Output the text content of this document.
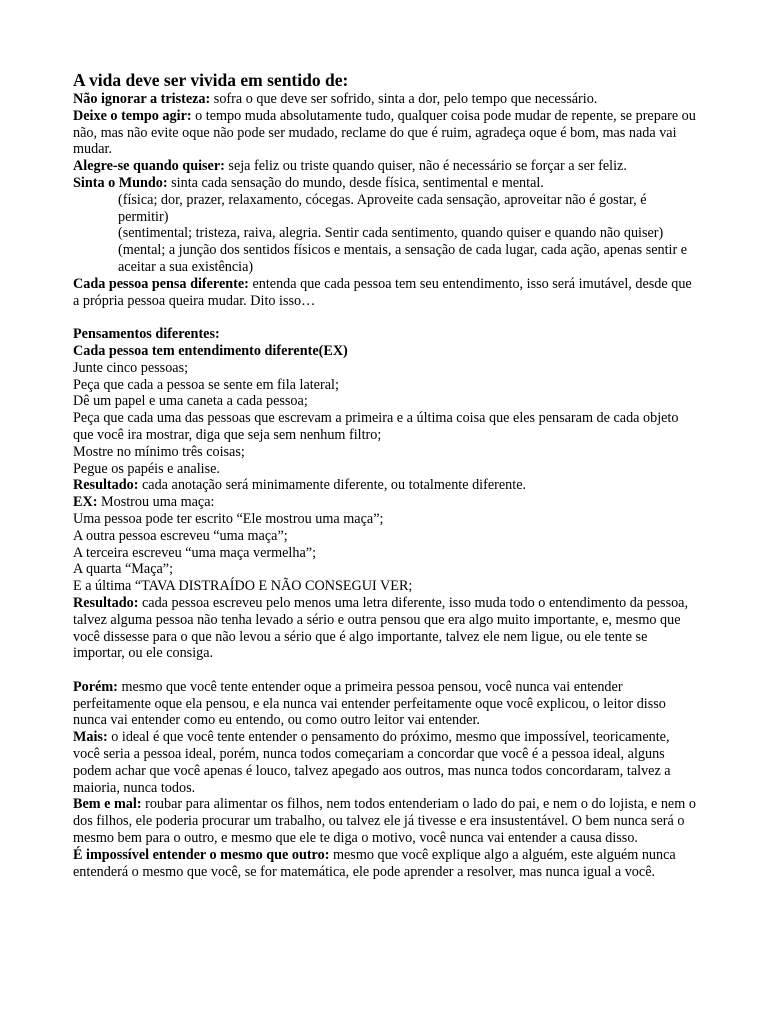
A vida deve ser vivida em sentido de:

Não ignorar a tristeza: sofra o que deve ser sofrido, sinta a dor, pelo tempo que necessário.

Deixe o tempo agir: o tempo muda absolutamente tudo, qualquer coisa pode mudar de repente, se prepare ou não, mas não evite oque não pode ser mudado, reclame do que é ruim, agradeça oque é bom, mas nada vai mudar.

Alegre-se quando quiser: seja feliz ou triste quando quiser, não é necessário se forçar a ser feliz.

Sinta o Mundo: sinta cada sensação do mundo, desde física, sentimental e mental.

(física; dor, prazer, relaxamento, cócegas. Aproveite cada sensação, aproveitar não é gostar, é permitir)

(sentimental; tristeza, raiva, alegria. Sentir cada sentimento, quando quiser e quando não quiser)

(mental; a junção dos sentidos físicos e mentais, a sensação de cada lugar, cada ação, apenas sentir e aceitar a sua existência)

Cada pessoa pensa diferente: entenda que cada pessoa tem seu entendimento, isso será imutável, desde que a própria pessoa queira mudar. Dito isso…

Pensamentos diferentes:

Cada pessoa tem entendimento diferente(EX)

Junte cinco pessoas;

Peça que cada a pessoa se sente em fila lateral;

Dê um papel e uma caneta a cada pessoa;

Peça que cada uma das pessoas que escrevam a primeira e a última coisa que eles pensaram de cada objeto que você ira mostrar, diga que seja sem nenhum filtro;

Mostre no mínimo três coisas;

Pegue os papéis e analise.

Resultado: cada anotação será minimamente diferente, ou totalmente diferente.

EX: Mostrou uma maça:

Uma pessoa pode ter escrito “Ele mostrou uma maça”;

A outra pessoa escreveu “uma maça”;

A terceira escreveu “uma maça vermelha”;

A quarta “Maça”;

E a última “TAVA DISTRAÍDO E NÃO CONSEGUI VER;

Resultado: cada pessoa escreveu pelo menos uma letra diferente, isso muda todo o entendimento da pessoa, talvez alguma pessoa não tenha levado a sério e outra pensou que era algo muito importante, e, mesmo que você dissesse para o que não levou a sério que é algo importante, talvez ele nem ligue, ou ele tente se importar, ou ele consiga.

Porém: mesmo que você tente entender oque a primeira pessoa pensou, você nunca vai entender perfeitamente oque ela pensou, e ela nunca vai entender perfeitamente oque você explicou, o leitor disso nunca vai entender como eu entendo, ou como outro leitor vai entender.

Mais: o ideal é que você tente entender o pensamento do próximo, mesmo que impossível, teoricamente, você seria a pessoa ideal, porém, nunca todos começariam a concordar que você é a pessoa ideal, alguns podem achar que você apenas é louco, talvez apegado aos outros, mas nunca todos concordaram, talvez a maioria, nunca todos.

Bem e mal: roubar para alimentar os filhos, nem todos entenderiam o lado do pai, e nem o do lojista, e nem o dos filhos, ele poderia procurar um trabalho, ou talvez ele já tivesse e era insustentável. O bem nunca será o mesmo bem para o outro, e mesmo que ele te diga o motivo, você nunca vai entender a causa disso.

É impossível entender o mesmo que outro: mesmo que você explique algo a alguém, este alguém nunca entenderá o mesmo que você, se for matemática, ele pode aprender a resolver, mas nunca igual a você.
